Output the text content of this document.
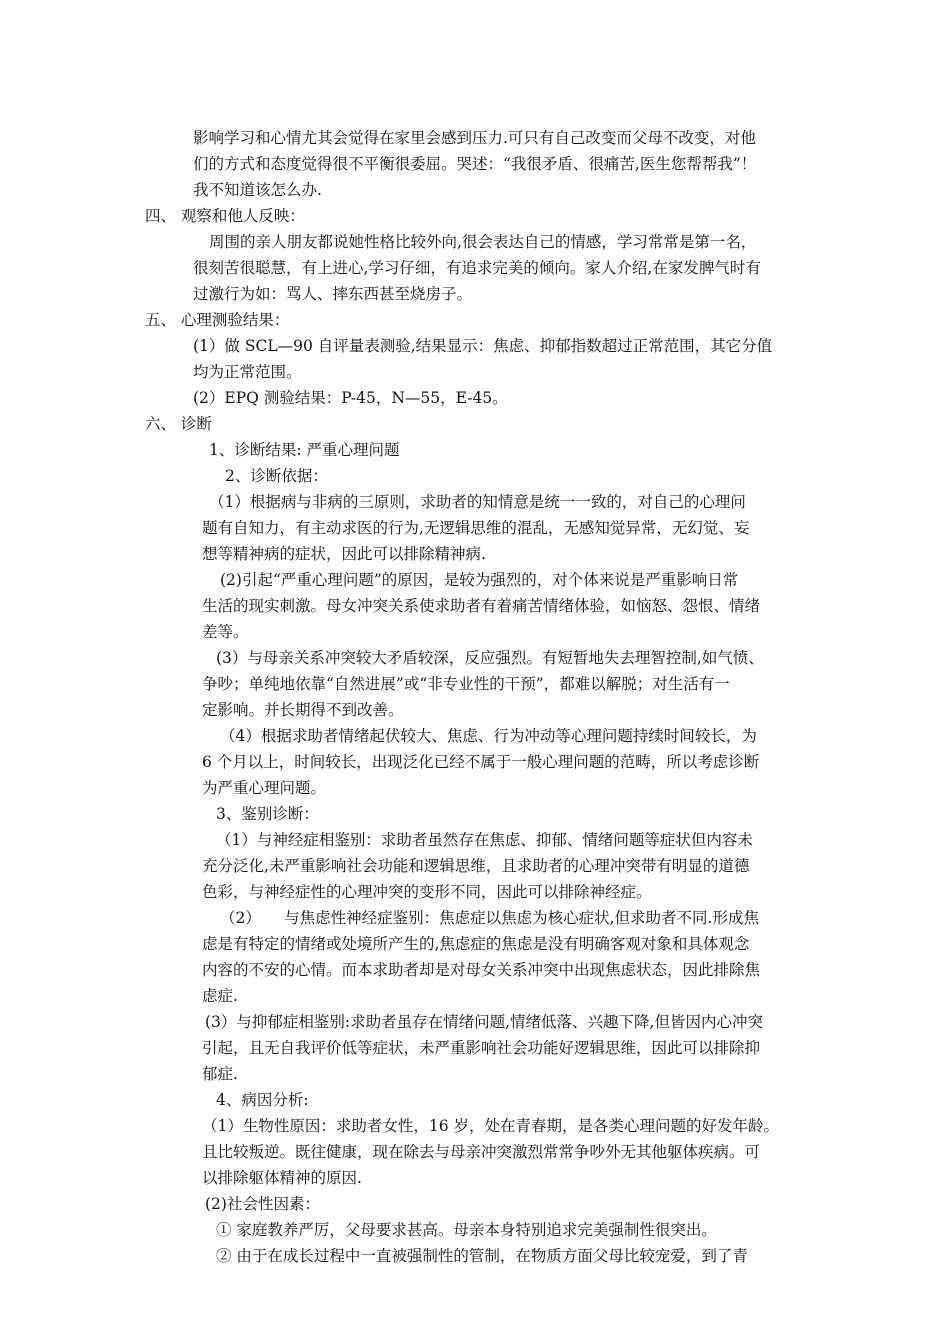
影响学习和心情尤其会觉得在家里会感到压力.可只有自己改变而父母不改变，对他
们的方式和态度觉得很不平衡很委屈。哭述：“我很矛盾、很痛苦,医生您帮帮我”！
我不知道该怎么办.
四、 观察和他人反映：
周围的亲人朋友都说她性格比较外向,很会表达自己的情感，学习常常是第一名，
很刻苦很聪慧，有上进心,学习仔细，有追求完美的倾向。家人介绍,在家发脾气时有
过激行为如：骂人、摔东西甚至烧房子。
五、 心理测验结果：
(1）做 SCL—90 自评量表测验,结果显示：焦虑、抑郁指数超过正常范围，其它分值
均为正常范围。
(2）EPQ 测验结果：P-45，N—55，E-45。
六、 诊断
1、诊断结果: 严重心理问题
2、诊断依据：
（1）根据病与非病的三原则，求助者的知情意是统一一致的，对自己的心理问
题有自知力，有主动求医的行为,无逻辑思维的混乱，无感知觉异常，无幻觉、妄
想等精神病的症状，因此可以排除精神病.
(2)引起“严重心理问题”的原因，是较为强烈的，对个体来说是严重影响日常
生活的现实刺激。母女冲突关系使求助者有着痛苦情绪体验，如恼怒、怨恨、情绪
差等。
(3）与母亲关系冲突较大矛盾较深，反应强烈。有短暂地失去理智控制,如气愤、
争吵；单纯地依靠“自然进展”或“非专业性的干预”，都难以解脱；对生活有一
定影响。并长期得不到改善。
（4）根据求助者情绪起伏较大、焦虑、行为冲动等心理问题持续时间较长，为
6 个月以上，时间较长，出现泛化已经不属于一般心理问题的范畴，所以考虑诊断
为严重心理问题。
3、鉴别诊断：
（1）与神经症相鉴别：求助者虽然存在焦虑、抑郁、情绪问题等症状但内容未
充分泛化,未严重影响社会功能和逻辑思维，且求助者的心理冲突带有明显的道德
色彩，与神经症性的心理冲突的变形不同，因此可以排除神经症。
（2）　　与焦虑性神经症鉴别：焦虑症以焦虑为核心症状,但求助者不同.形成焦
虑是有特定的情绪或处境所产生的,焦虑症的焦虑是没有明确客观对象和具体观念
内容的不安的心情。而本求助者却是对母女关系冲突中出现焦虑状态，因此排除焦
虑症.
(3）与抑郁症相鉴别:求助者虽存在情绪问题,情绪低落、兴趣下降,但皆因内心冲突
引起，且无自我评价低等症状，未严重影响社会功能好逻辑思维，因此可以排除抑
郁症.
4、病因分析:
（1）生物性原因：求助者女性，16 岁，处在青春期，是各类心理问题的好发年龄。
且比较叛逆。既往健康，现在除去与母亲冲突激烈常常争吵外无其他躯体疾病。可
以排除躯体精神的原因.
(2)社会性因素：
① 家庭教养严厉，父母要求甚高。母亲本身特别追求完美强制性很突出。
② 由于在成长过程中一直被强制性的管制，在物质方面父母比较宠爱，到了青
